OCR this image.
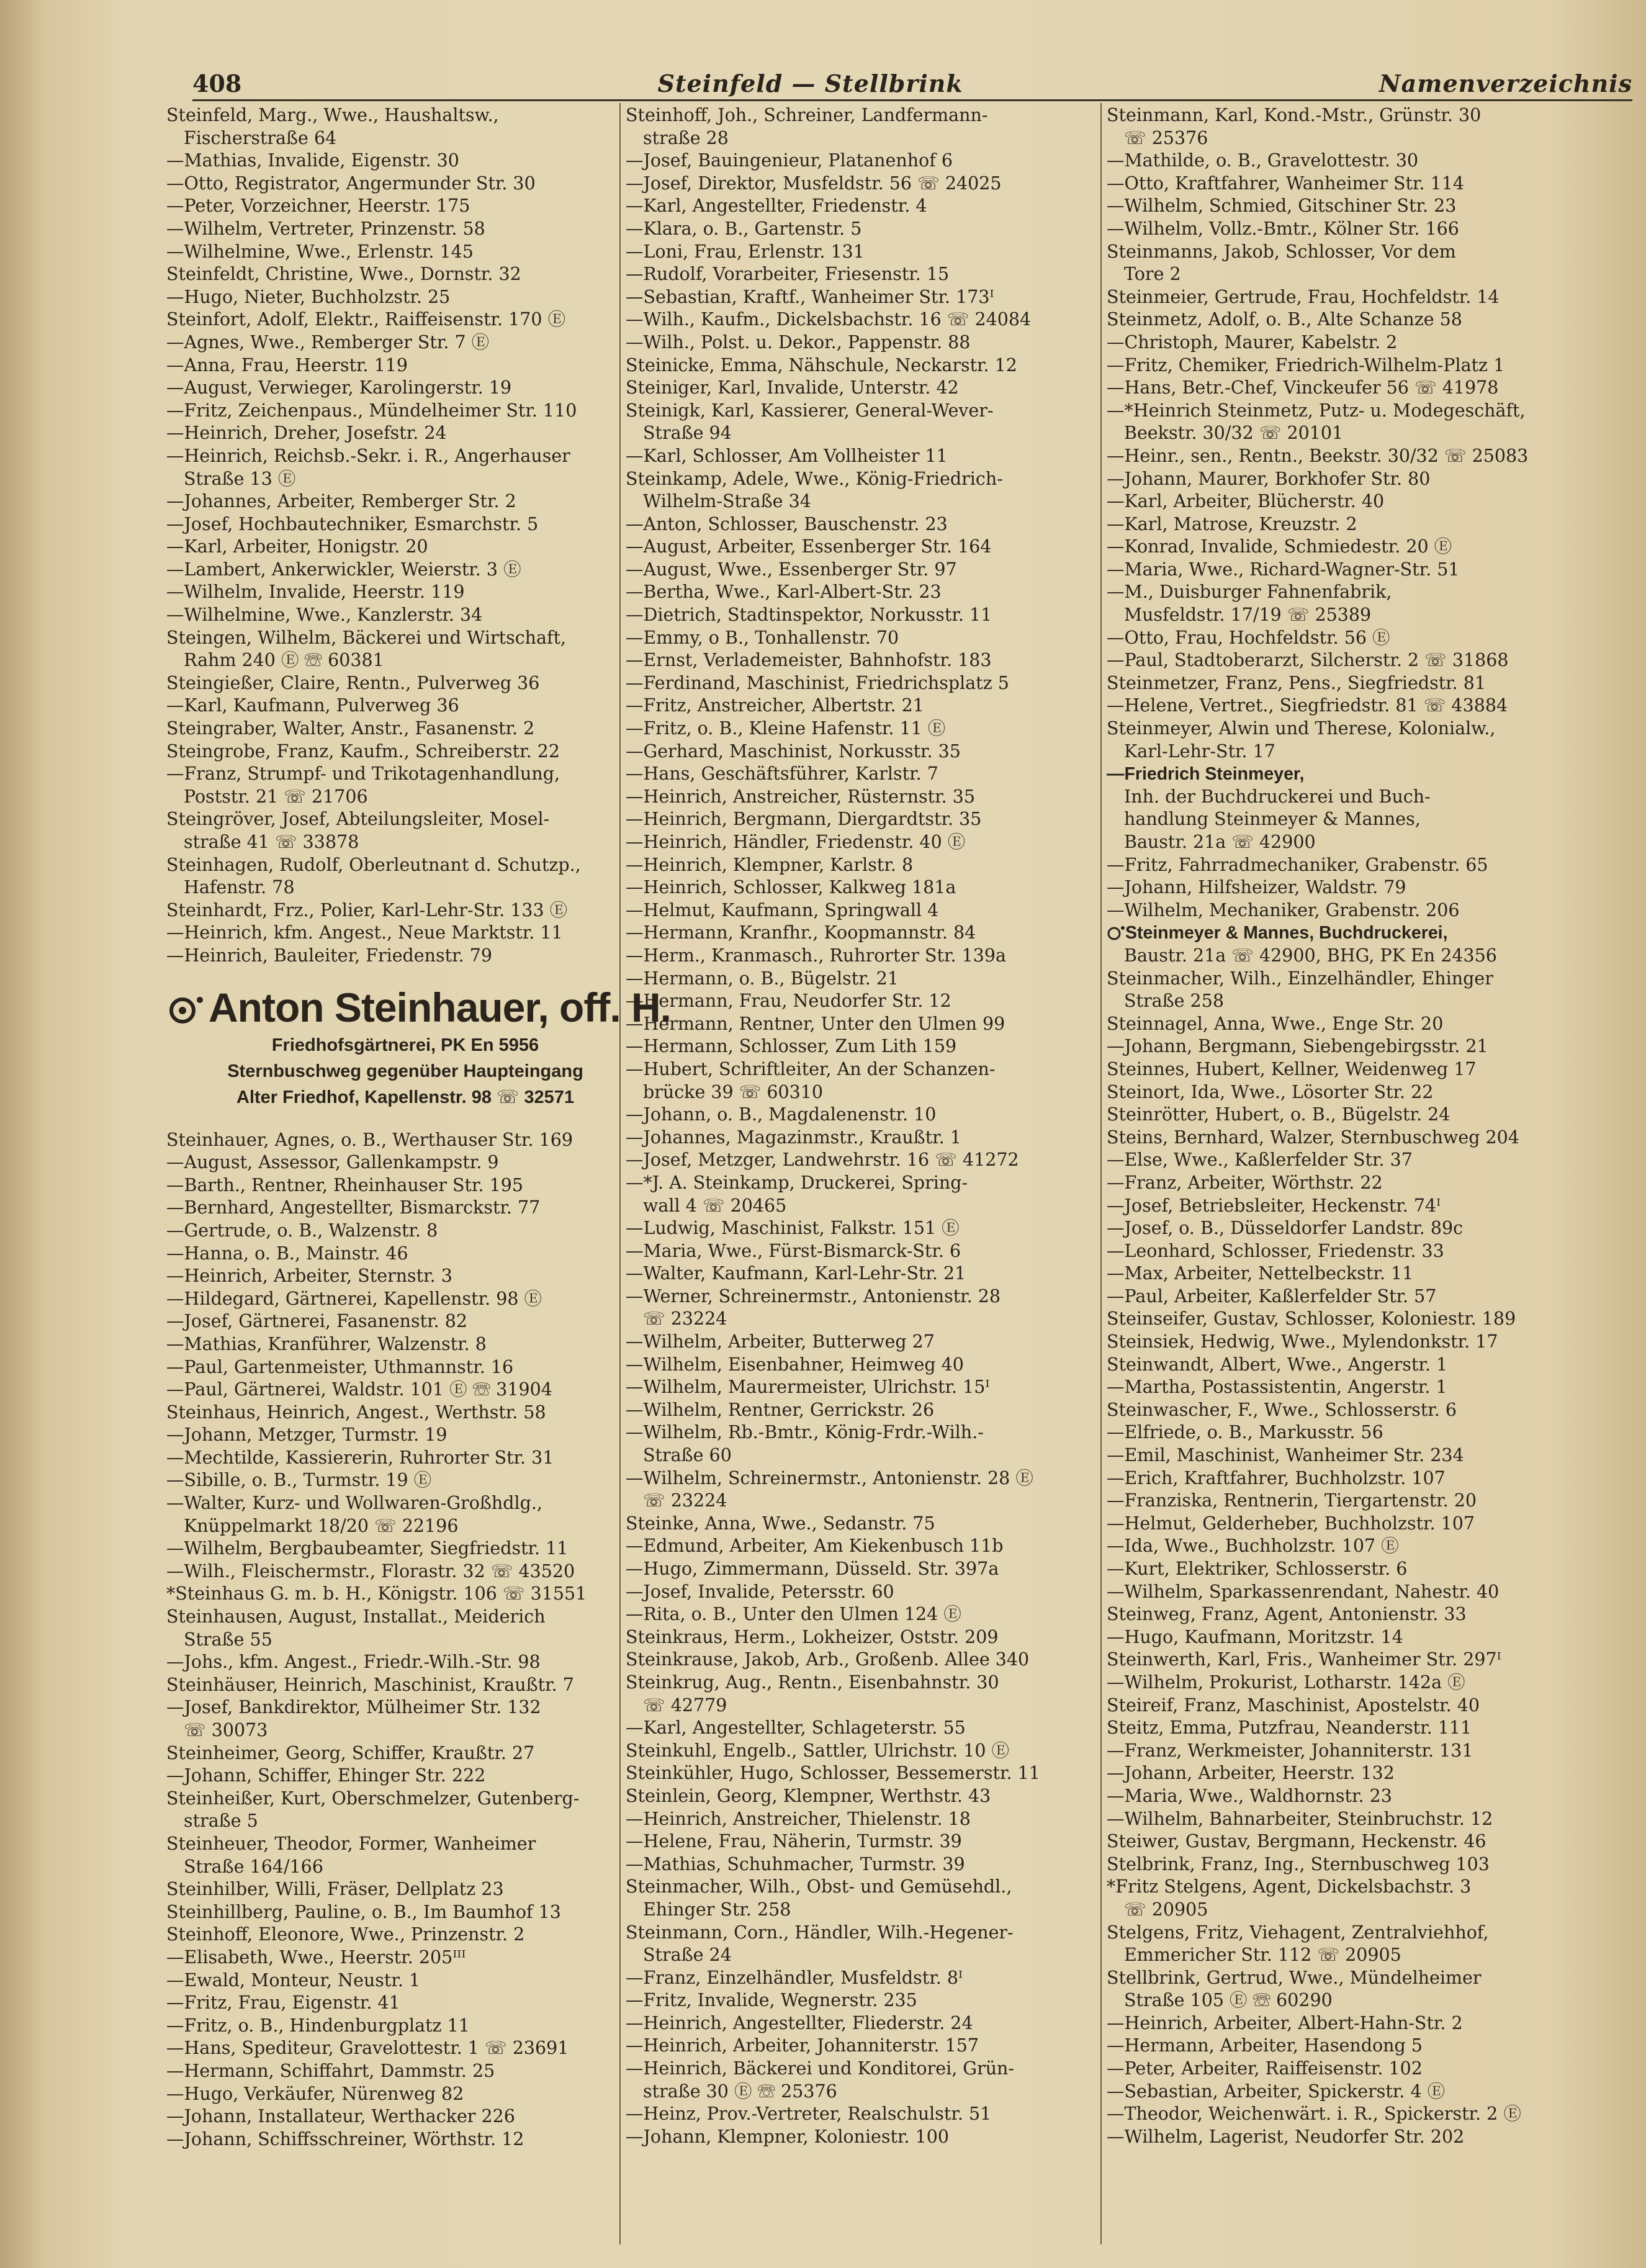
408	Steinfeld — Stellbrink	Namenverzeichnis
Steinfeld, Marg., Wwe., Haushaltsw.,
Fischerstraße 64
—Mathias, Invalide, Eigenstr. 30
—Otto, Registrator, Angermunder Str. 30
—Peter, Vorzeichner, Heerstr. 175
—Wilhelm, Vertreter, Prinzenstr. 58
—Wilhelmine, Wwe., Erlenstr. 145
Steinfeldt, Christine, Wwe., Dornstr. 32
—Hugo, Nieter, Buchholzstr. 25
Steinfort, Adolf, Elektr., Raiffeisenstr. 170 Ⓔ
—Agnes, Wwe., Remberger Str. 7 Ⓔ
—Anna, Frau, Heerstr. 119
—August, Verwieger, Karolingerstr. 19
—Fritz, Zeichenpaus., Mündelheimer Str. 110
—Heinrich, Dreher, Josefstr. 24
—Heinrich, Reichsb.-Sekr. i. R., Angerhauser
Straße 13 Ⓔ
—Johannes, Arbeiter, Remberger Str. 2
—Josef, Hochbautechniker, Esmarchstr. 5
—Karl, Arbeiter, Honigstr. 20
—Lambert, Ankerwickler, Weierstr. 3 Ⓔ
—Wilhelm, Invalide, Heerstr. 119
—Wilhelmine, Wwe., Kanzlerstr. 34
Steingen, Wilhelm, Bäckerei und Wirtschaft,
Rahm 240 Ⓔ ☏ 60381
Steingießer, Claire, Rentn., Pulverweg 36
—Karl, Kaufmann, Pulverweg 36
Steingraber, Walter, Anstr., Fasanenstr. 2
Steingrobe, Franz, Kaufm., Schreiberstr. 22
—Franz, Strumpf- und Trikotagenhandlung,
Poststr. 21 ☏ 21706
Steingröver, Josef, Abteilungsleiter, Mosel-
straße 41 ☏ 33878
Steinhagen, Rudolf, Oberleutnant d. Schutzp.,
Hafenstr. 78
Steinhardt, Frz., Polier, Karl-Lehr-Str. 133 Ⓔ
—Heinrich, kfm. Angest., Neue Marktstr. 11
—Heinrich, Bauleiter, Friedenstr. 79
Anton Steinhauer, off. H.
Friedhofsgärtnerei, PK En 5956
Sternbuschweg gegenüber Haupteingang
Alter Friedhof, Kapellenstr. 98 ☏ 32571
Steinhauer, Agnes, o. B., Werthauser Str. 169
—August, Assessor, Gallenkampstr. 9
—Barth., Rentner, Rheinhauser Str. 195
—Bernhard, Angestellter, Bismarckstr. 77
—Gertrude, o. B., Walzenstr. 8
—Hanna, o. B., Mainstr. 46
—Heinrich, Arbeiter, Sternstr. 3
—Hildegard, Gärtnerei, Kapellenstr. 98 Ⓔ
—Josef, Gärtnerei, Fasanenstr. 82
—Mathias, Kranführer, Walzenstr. 8
—Paul, Gartenmeister, Uthmannstr. 16
—Paul, Gärtnerei, Waldstr. 101 Ⓔ ☏ 31904
Steinhaus, Heinrich, Angest., Werthstr. 58
—Johann, Metzger, Turmstr. 19
—Mechtilde, Kassiererin, Ruhrorter Str. 31
—Sibille, o. B., Turmstr. 19 Ⓔ
—Walter, Kurz- und Wollwaren-Großhdlg.,
Knüppelmarkt 18/20 ☏ 22196
—Wilhelm, Bergbaubeamter, Siegfriedstr. 11
—Wilh., Fleischermstr., Florastr. 32 ☏ 43520
*Steinhaus G. m. b. H., Königstr. 106 ☏ 31551
Steinhausen, August, Installat., Meiderich
Straße 55
—Johs., kfm. Angest., Friedr.-Wilh.-Str. 98
Steinhäuser, Heinrich, Maschinist, Kraußtr. 7
—Josef, Bankdirektor, Mülheimer Str. 132
☏ 30073
Steinheimer, Georg, Schiffer, Kraußtr. 27
—Johann, Schiffer, Ehinger Str. 222
Steinheißer, Kurt, Oberschmelzer, Gutenberg-
straße 5
Steinheuer, Theodor, Former, Wanheimer
Straße 164/166
Steinhilber, Willi, Fräser, Dellplatz 23
Steinhillberg, Pauline, o. B., Im Baumhof 13
Steinhoff, Eleonore, Wwe., Prinzenstr. 2
—Elisabeth, Wwe., Heerstr. 205ᴵᴵᴵ
—Ewald, Monteur, Neustr. 1
—Fritz, Frau, Eigenstr. 41
—Fritz, o. B., Hindenburgplatz 11
—Hans, Spediteur, Gravelottestr. 1 ☏ 23691
—Hermann, Schiffahrt, Dammstr. 25
—Hugo, Verkäufer, Nürenweg 82
—Johann, Installateur, Werthacker 226
—Johann, Schiffsschreiner, Wörthstr. 12
Steinhoff, Joh., Schreiner, Landfermann-
straße 28
—Josef, Bauingenieur, Platanenhof 6
—Josef, Direktor, Musfeldstr. 56 ☏ 24025
—Karl, Angestellter, Friedenstr. 4
—Klara, o. B., Gartenstr. 5
—Loni, Frau, Erlenstr. 131
—Rudolf, Vorarbeiter, Friesenstr. 15
—Sebastian, Kraftf., Wanheimer Str. 173ᴵ
—Wilh., Kaufm., Dickelsbachstr. 16 ☏ 24084
—Wilh., Polst. u. Dekor., Pappenstr. 88
Steinicke, Emma, Nähschule, Neckarstr. 12
Steiniger, Karl, Invalide, Unterstr. 42
Steinigk, Karl, Kassierer, General-Wever-
Straße 94
—Karl, Schlosser, Am Vollheister 11
Steinkamp, Adele, Wwe., König-Friedrich-
Wilhelm-Straße 34
—Anton, Schlosser, Bauschenstr. 23
—August, Arbeiter, Essenberger Str. 164
—August, Wwe., Essenberger Str. 97
—Bertha, Wwe., Karl-Albert-Str. 23
—Dietrich, Stadtinspektor, Norkusstr. 11
—Emmy, o B., Tonhallenstr. 70
—Ernst, Verlademeister, Bahnhofstr. 183
—Ferdinand, Maschinist, Friedrichsplatz 5
—Fritz, Anstreicher, Albertstr. 21
—Fritz, o. B., Kleine Hafenstr. 11 Ⓔ
—Gerhard, Maschinist, Norkusstr. 35
—Hans, Geschäftsführer, Karlstr. 7
—Heinrich, Anstreicher, Rüsternstr. 35
—Heinrich, Bergmann, Diergardtstr. 35
—Heinrich, Händler, Friedenstr. 40 Ⓔ
—Heinrich, Klempner, Karlstr. 8
—Heinrich, Schlosser, Kalkweg 181a
—Helmut, Kaufmann, Springwall 4
—Hermann, Kranfhr., Koopmannstr. 84
—Herm., Kranmasch., Ruhrorter Str. 139a
—Hermann, o. B., Bügelstr. 21
—Hermann, Frau, Neudorfer Str. 12
—Hermann, Rentner, Unter den Ulmen 99
—Hermann, Schlosser, Zum Lith 159
—Hubert, Schriftleiter, An der Schanzen-
brücke 39 ☏ 60310
—Johann, o. B., Magdalenenstr. 10
—Johannes, Magazinmstr., Kraußtr. 1
—Josef, Metzger, Landwehrstr. 16 ☏ 41272
—*J. A. Steinkamp, Druckerei, Spring-
wall 4 ☏ 20465
—Ludwig, Maschinist, Falkstr. 151 Ⓔ
—Maria, Wwe., Fürst-Bismarck-Str. 6
—Walter, Kaufmann, Karl-Lehr-Str. 21
—Werner, Schreinermstr., Antonienstr. 28
☏ 23224
—Wilhelm, Arbeiter, Butterweg 27
—Wilhelm, Eisenbahner, Heimweg 40
—Wilhelm, Maurermeister, Ulrichstr. 15ᴵ
—Wilhelm, Rentner, Gerrickstr. 26
—Wilhelm, Rb.-Bmtr., König-Frdr.-Wilh.-
Straße 60
—Wilhelm, Schreinermstr., Antonienstr. 28 Ⓔ
☏ 23224
Steinke, Anna, Wwe., Sedanstr. 75
—Edmund, Arbeiter, Am Kiekenbusch 11b
—Hugo, Zimmermann, Düsseld. Str. 397a
—Josef, Invalide, Petersstr. 60
—Rita, o. B., Unter den Ulmen 124 Ⓔ
Steinkraus, Herm., Lokheizer, Oststr. 209
Steinkrause, Jakob, Arb., Großenb. Allee 340
Steinkrug, Aug., Rentn., Eisenbahnstr. 30
☏ 42779
—Karl, Angestellter, Schlageterstr. 55
Steinkuhl, Engelb., Sattler, Ulrichstr. 10 Ⓔ
Steinkühler, Hugo, Schlosser, Bessemerstr. 11
Steinlein, Georg, Klempner, Werthstr. 43
—Heinrich, Anstreicher, Thielenstr. 18
—Helene, Frau, Näherin, Turmstr. 39
—Mathias, Schuhmacher, Turmstr. 39
Steinmacher, Wilh., Obst- und Gemüsehdl.,
Ehinger Str. 258
Steinmann, Corn., Händler, Wilh.-Hegener-
Straße 24
—Franz, Einzelhändler, Musfeldstr. 8ᴵ
—Fritz, Invalide, Wegnerstr. 235
—Heinrich, Angestellter, Fliederstr. 24
—Heinrich, Arbeiter, Johanniterstr. 157
—Heinrich, Bäckerei und Konditorei, Grün-
straße 30 Ⓔ ☏ 25376
—Heinz, Prov.-Vertreter, Realschulstr. 51
—Johann, Klempner, Koloniestr. 100
Steinmann, Karl, Kond.-Mstr., Grünstr. 30
☏ 25376
—Mathilde, o. B., Gravelottestr. 30
—Otto, Kraftfahrer, Wanheimer Str. 114
—Wilhelm, Schmied, Gitschiner Str. 23
—Wilhelm, Vollz.-Bmtr., Kölner Str. 166
Steinmanns, Jakob, Schlosser, Vor dem
Tore 2
Steinmeier, Gertrude, Frau, Hochfeldstr. 14
Steinmetz, Adolf, o. B., Alte Schanze 58
—Christoph, Maurer, Kabelstr. 2
—Fritz, Chemiker, Friedrich-Wilhelm-Platz 1
—Hans, Betr.-Chef, Vinckeufer 56 ☏ 41978
—*Heinrich Steinmetz, Putz- u. Modegeschäft,
Beekstr. 30/32 ☏ 20101
—Heinr., sen., Rentn., Beekstr. 30/32 ☏ 25083
—Johann, Maurer, Borkhofer Str. 80
—Karl, Arbeiter, Blücherstr. 40
—Karl, Matrose, Kreuzstr. 2
—Konrad, Invalide, Schmiedestr. 20 Ⓔ
—Maria, Wwe., Richard-Wagner-Str. 51
—M., Duisburger Fahnenfabrik,
Musfeldstr. 17/19 ☏ 25389
—Otto, Frau, Hochfeldstr. 56 Ⓔ
—Paul, Stadtoberarzt, Silcherstr. 2 ☏ 31868
Steinmetzer, Franz, Pens., Siegfriedstr. 81
—Helene, Vertret., Siegfriedstr. 81 ☏ 43884
Steinmeyer, Alwin und Therese, Kolonialw.,
Karl-Lehr-Str. 17
—Friedrich Steinmeyer,
Inh. der Buchdruckerei und Buch-
handlung Steinmeyer & Mannes,
Baustr. 21a ☏ 42900
—Fritz, Fahrradmechaniker, Grabenstr. 65
—Johann, Hilfsheizer, Waldstr. 79
—Wilhelm, Mechaniker, Grabenstr. 206
Steinmeyer & Mannes, Buchdruckerei,
Baustr. 21a ☏ 42900, BHG, PK En 24356
Steinmacher, Wilh., Einzelhändler, Ehinger
Straße 258
Steinnagel, Anna, Wwe., Enge Str. 20
—Johann, Bergmann, Siebengebirgsstr. 21
Steinnes, Hubert, Kellner, Weidenweg 17
Steinort, Ida, Wwe., Lösorter Str. 22
Steinrötter, Hubert, o. B., Bügelstr. 24
Steins, Bernhard, Walzer, Sternbuschweg 204
—Else, Wwe., Kaßlerfelder Str. 37
—Franz, Arbeiter, Wörthstr. 22
—Josef, Betriebsleiter, Heckenstr. 74ᴵ
—Josef, o. B., Düsseldorfer Landstr. 89c
—Leonhard, Schlosser, Friedenstr. 33
—Max, Arbeiter, Nettelbeckstr. 11
—Paul, Arbeiter, Kaßlerfelder Str. 57
Steinseifer, Gustav, Schlosser, Koloniestr. 189
Steinsiek, Hedwig, Wwe., Mylendonkstr. 17
Steinwandt, Albert, Wwe., Angerstr. 1
—Martha, Postassistentin, Angerstr. 1
Steinwascher, F., Wwe., Schlosserstr. 6
—Elfriede, o. B., Markusstr. 56
—Emil, Maschinist, Wanheimer Str. 234
—Erich, Kraftfahrer, Buchholzstr. 107
—Franziska, Rentnerin, Tiergartenstr. 20
—Helmut, Gelderheber, Buchholzstr. 107
—Ida, Wwe., Buchholzstr. 107 Ⓔ
—Kurt, Elektriker, Schlosserstr. 6
—Wilhelm, Sparkassenrendant, Nahestr. 40
Steinweg, Franz, Agent, Antonienstr. 33
—Hugo, Kaufmann, Moritzstr. 14
Steinwerth, Karl, Fris., Wanheimer Str. 297ᴵ
—Wilhelm, Prokurist, Lotharstr. 142a Ⓔ
Steireif, Franz, Maschinist, Apostelstr. 40
Steitz, Emma, Putzfrau, Neanderstr. 111
—Franz, Werkmeister, Johanniterstr. 131
—Johann, Arbeiter, Heerstr. 132
—Maria, Wwe., Waldhornstr. 23
—Wilhelm, Bahnarbeiter, Steinbruchstr. 12
Steiwer, Gustav, Bergmann, Heckenstr. 46
Stelbrink, Franz, Ing., Sternbuschweg 103
*Fritz Stelgens, Agent, Dickelsbachstr. 3
☏ 20905
Stelgens, Fritz, Viehagent, Zentralviehhof,
Emmericher Str. 112 ☏ 20905
Stellbrink, Gertrud, Wwe., Mündelheimer
Straße 105 Ⓔ ☏ 60290
—Heinrich, Arbeiter, Albert-Hahn-Str. 2
—Hermann, Arbeiter, Hasendong 5
—Peter, Arbeiter, Raiffeisenstr. 102
—Sebastian, Arbeiter, Spickerstr. 4 Ⓔ
—Theodor, Weichenwärt. i. R., Spickerstr. 2 Ⓔ
—Wilhelm, Lagerist, Neudorfer Str. 202
